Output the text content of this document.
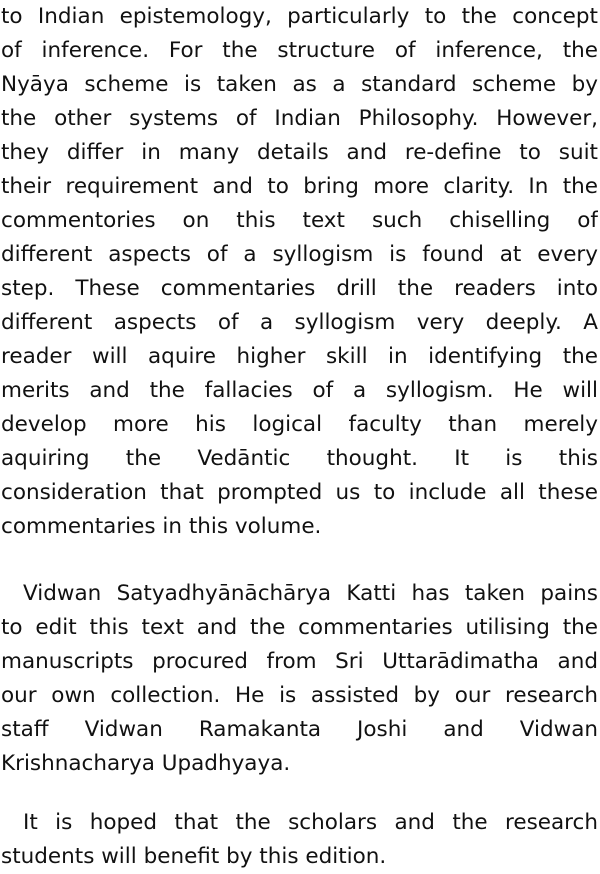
to Indian epistemology, particularly to the concept
of inference. For the structure of inference, the
Nyāya scheme is taken as a standard scheme by
the other systems of Indian Philosophy. However,
they differ in many details and re-define to suit
their requirement and to bring more clarity. In the
commentories on this text such chiselling of
different aspects of a syllogism is found at every
step. These commentaries drill the readers into
different aspects of a syllogism very deeply. A
reader will aquire higher skill in identifying the
merits and the fallacies of a syllogism. He will
develop more his logical faculty than merely
aquiring the Vedāntic thought. It is this
consideration that prompted us to include all these
commentaries in this volume.
Vidwan Satyadhyānāchārya Katti has taken pains
to edit this text and the commentaries utilising the
manuscripts procured from Sri Uttarādimatha and
our own collection. He is assisted by our research
staff Vidwan Ramakanta Joshi and Vidwan
Krishnacharya Upadhyaya.
It is hoped that the scholars and the research
students will benefit by this edition.
